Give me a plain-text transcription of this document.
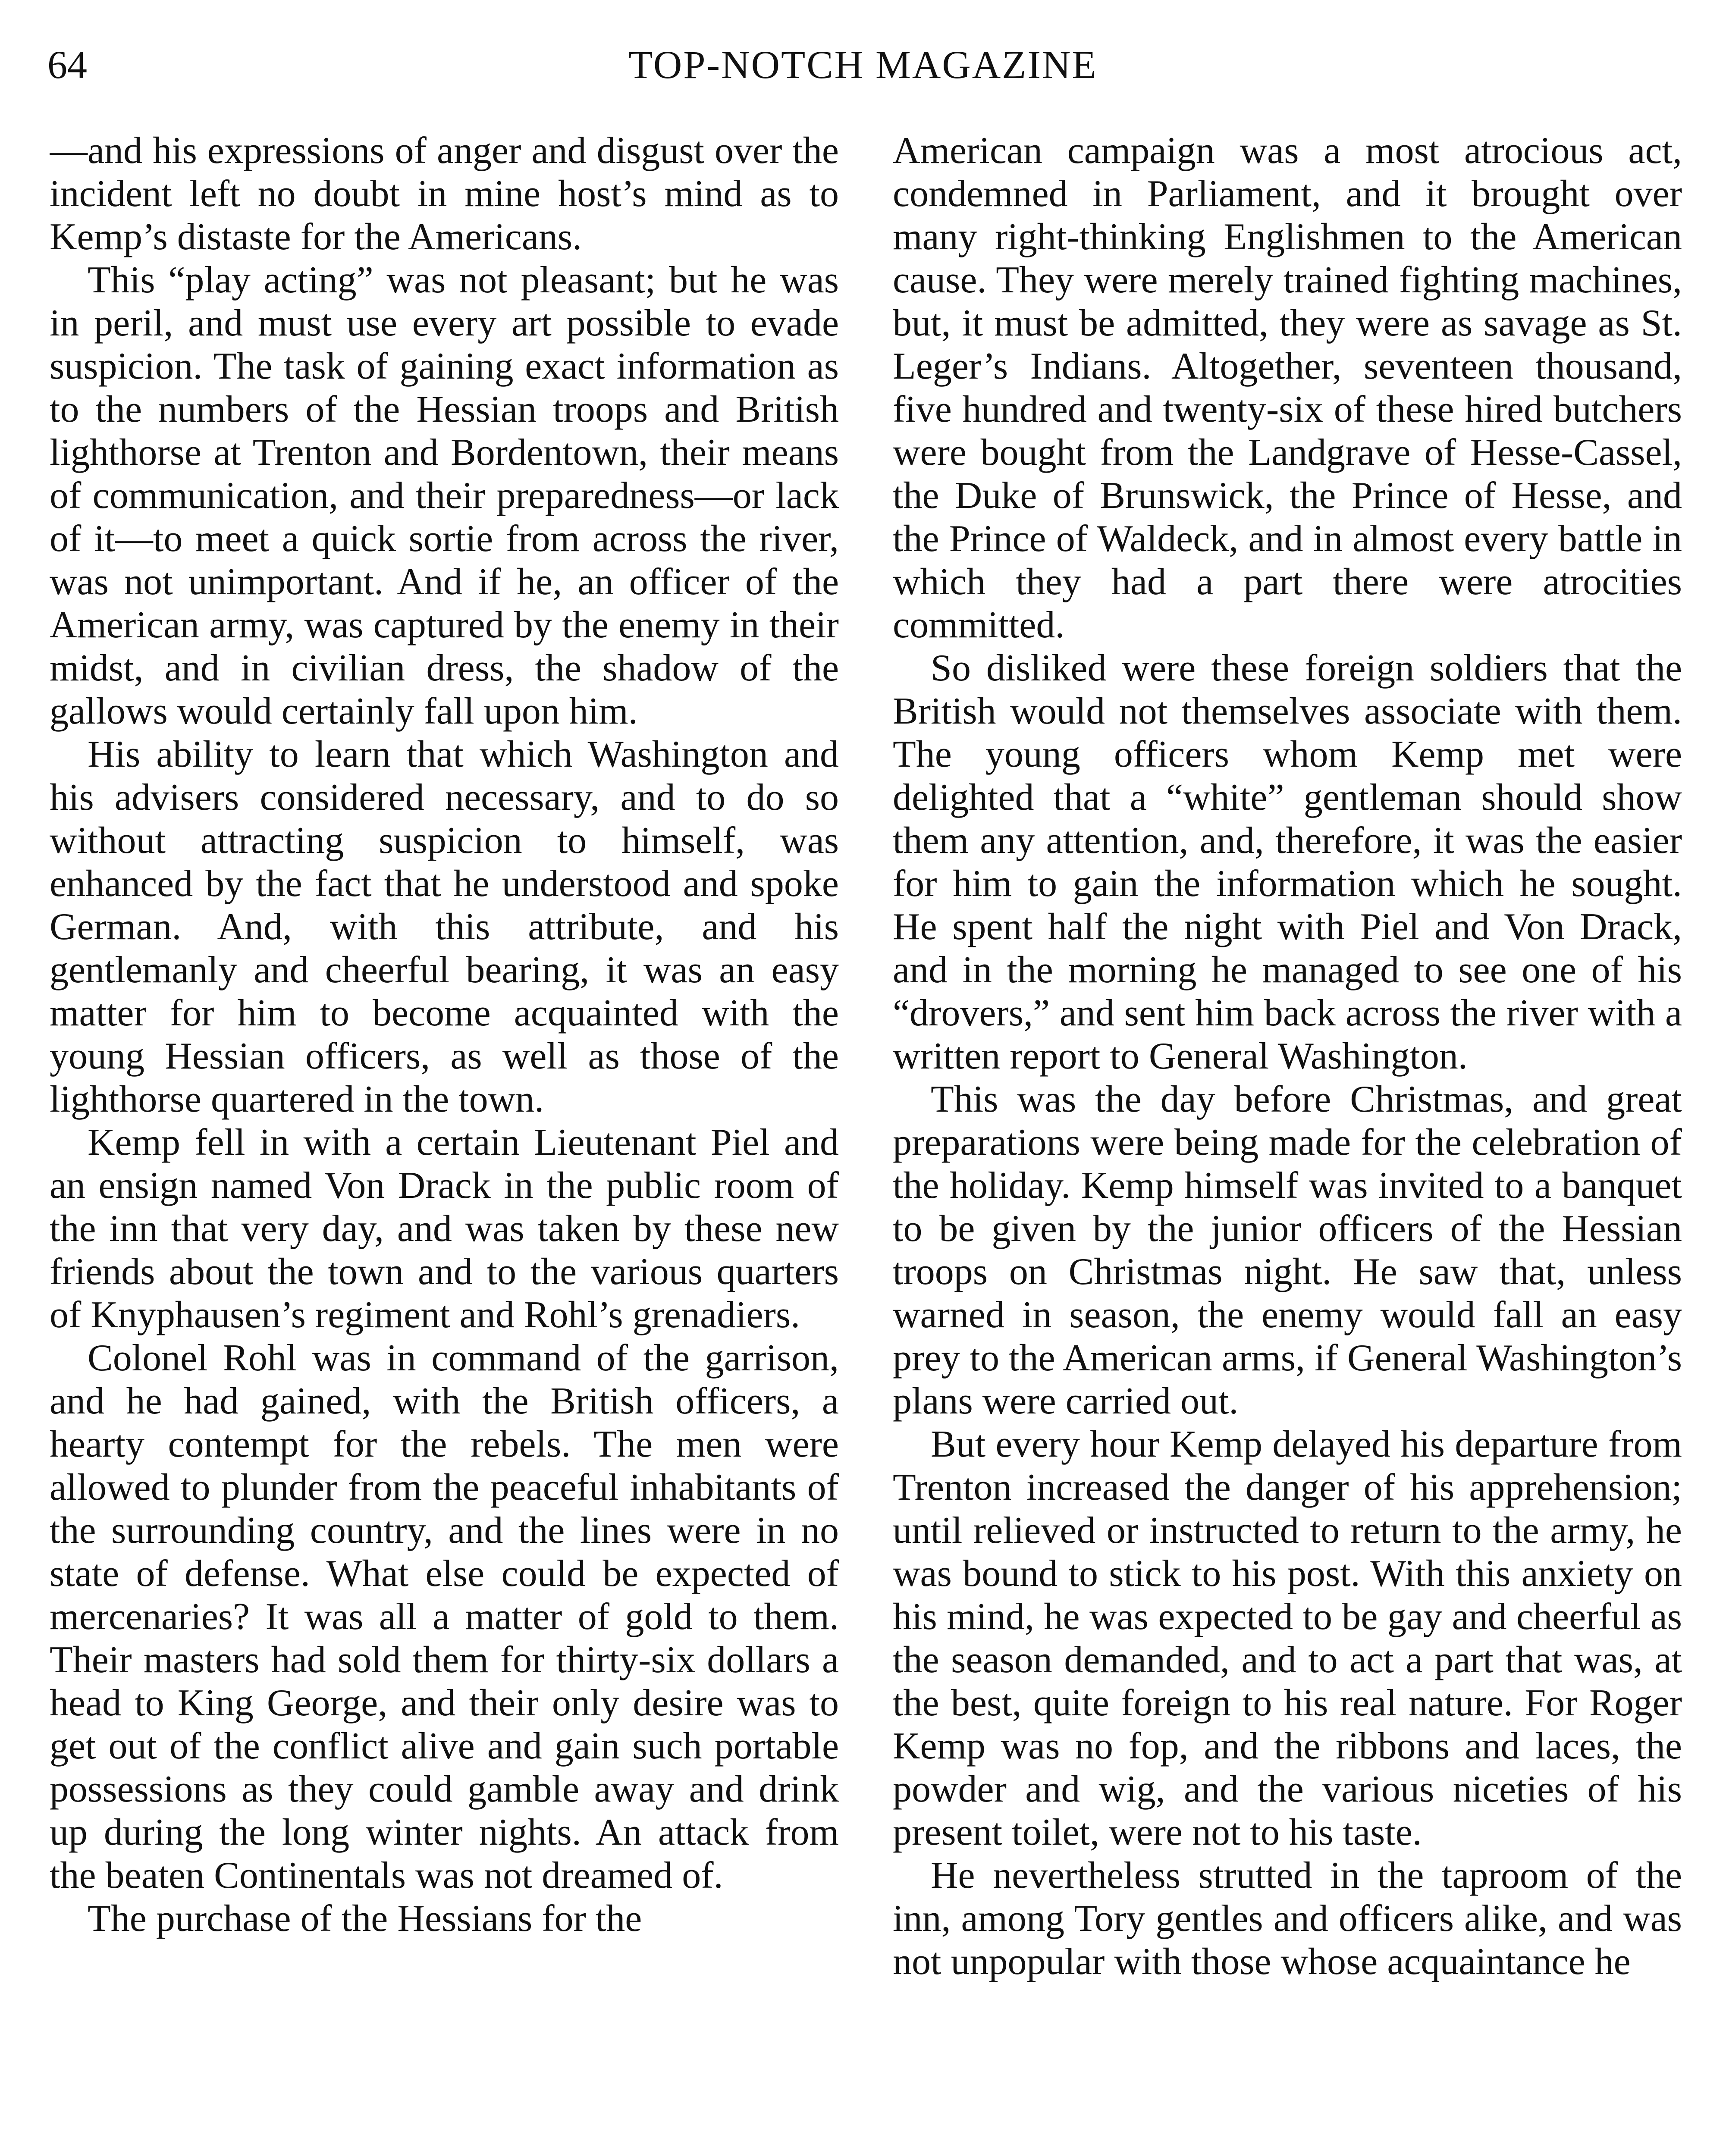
64	TOP-NOTCH MAGAZINE

—and his expressions of anger and disgust over the incident left no doubt in mine host’s mind as to Kemp’s distaste for the Americans.

This “play acting” was not pleasant; but he was in peril, and must use every art possible to evade suspicion. The task of gaining exact information as to the numbers of the Hessian troops and British lighthorse at Trenton and Bordentown, their means of communication, and their preparedness—or lack of it—to meet a quick sortie from across the river, was not unimportant. And if he, an officer of the American army, was captured by the enemy in their midst, and in civilian dress, the shadow of the gallows would certainly fall upon him.

His ability to learn that which Washington and his advisers considered necessary, and to do so without attracting suspicion to himself, was enhanced by the fact that he understood and spoke German. And, with this attribute, and his gentlemanly and cheerful bearing, it was an easy matter for him to become acquainted with the young Hessian officers, as well as those of the lighthorse quartered in the town.

Kemp fell in with a certain Lieutenant Piel and an ensign named Von Drack in the public room of the inn that very day, and was taken by these new friends about the town and to the various quarters of Knyphausen’s regiment and Rohl’s grenadiers.

Colonel Rohl was in command of the garrison, and he had gained, with the British officers, a hearty contempt for the rebels. The men were allowed to plunder from the peaceful inhabitants of the surrounding country, and the lines were in no state of defense. What else could be expected of mercenaries? It was all a matter of gold to them. Their masters had sold them for thirty-six dollars a head to King George, and their only desire was to get out of the conflict alive and gain such portable possessions as they could gamble away and drink up during the long winter nights. An attack from the beaten Continentals was not dreamed of.

The purchase of the Hessians for the

American campaign was a most atrocious act, condemned in Parliament, and it brought over many right-thinking Englishmen to the American cause. They were merely trained fighting machines, but, it must be admitted, they were as savage as St. Leger’s Indians. Altogether, seventeen thousand, five hundred and twenty-six of these hired butchers were bought from the Landgrave of Hesse-Cassel, the Duke of Brunswick, the Prince of Hesse, and the Prince of Waldeck, and in almost every battle in which they had a part there were atrocities committed.

So disliked were these foreign soldiers that the British would not themselves associate with them. The young officers whom Kemp met were delighted that a “white” gentleman should show them any attention, and, therefore, it was the easier for him to gain the information which he sought. He spent half the night with Piel and Von Drack, and in the morning he managed to see one of his “drovers,” and sent him back across the river with a written report to General Washington.

This was the day before Christmas, and great preparations were being made for the celebration of the holiday. Kemp himself was invited to a banquet to be given by the junior officers of the Hessian troops on Christmas night. He saw that, unless warned in season, the enemy would fall an easy prey to the American arms, if General Washington’s plans were carried out.

But every hour Kemp delayed his departure from Trenton increased the danger of his apprehension; until relieved or instructed to return to the army, he was bound to stick to his post. With this anxiety on his mind, he was expected to be gay and cheerful as the season demanded, and to act a part that was, at the best, quite foreign to his real nature. For Roger Kemp was no fop, and the ribbons and laces, the powder and wig, and the various niceties of his present toilet, were not to his taste.

He nevertheless strutted in the taproom of the inn, among Tory gentles and officers alike, and was not unpopular with those whose acquaintance he
